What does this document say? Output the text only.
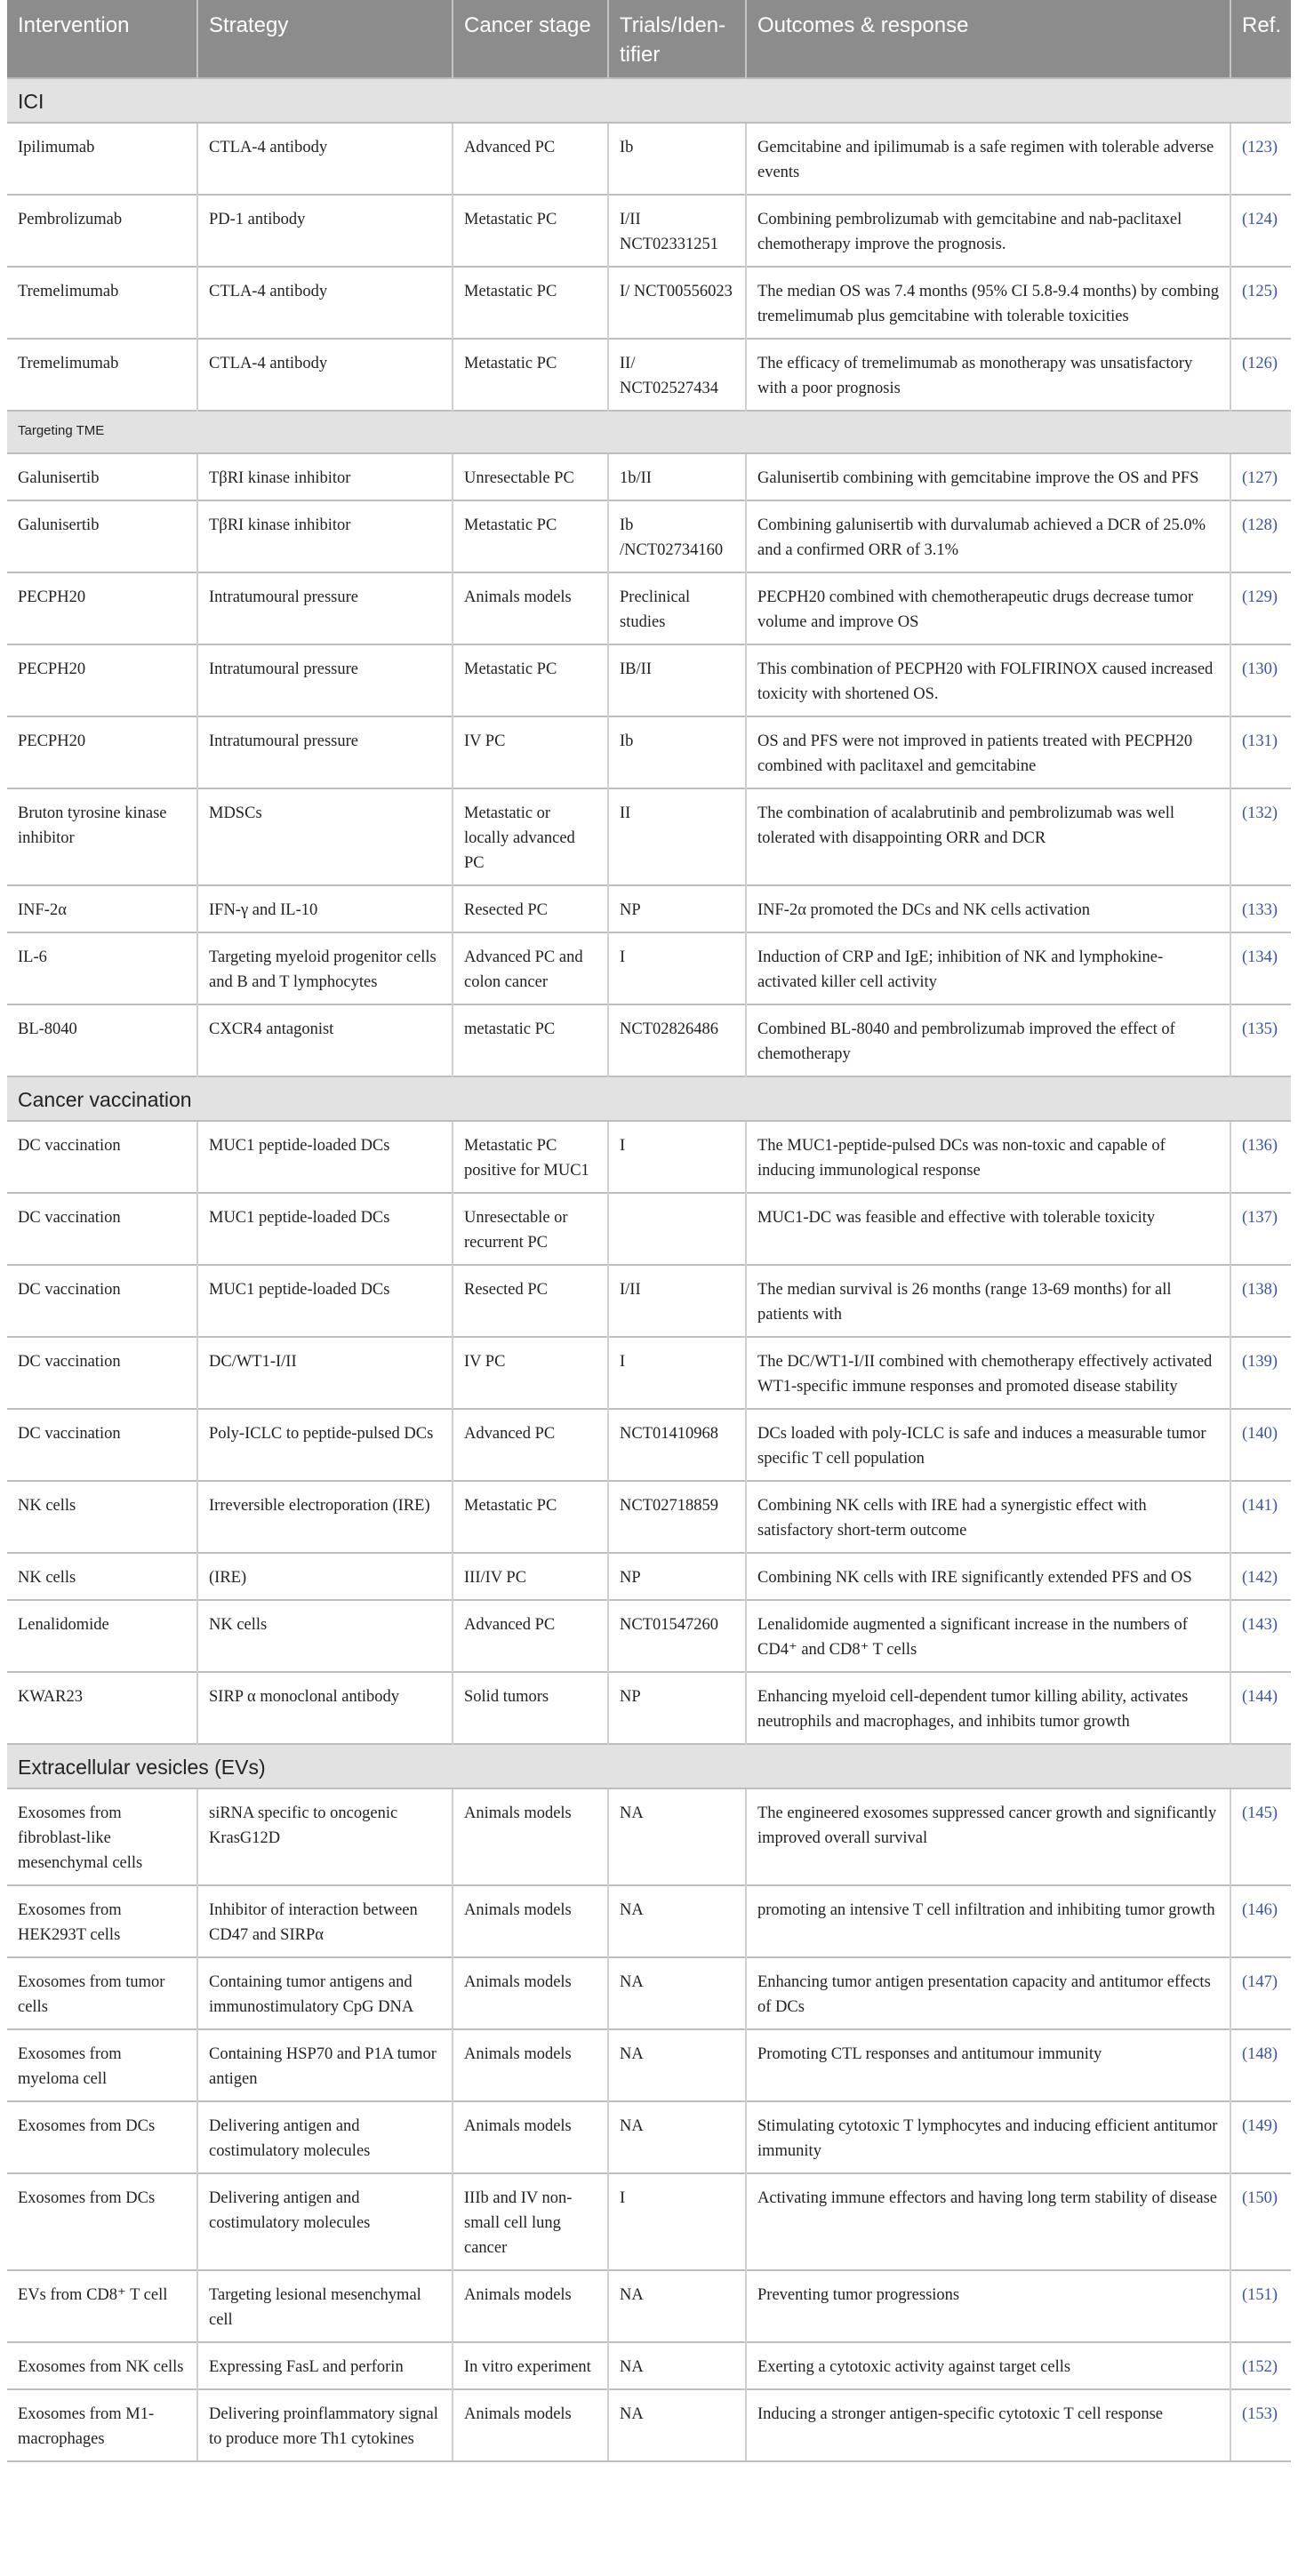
Intervention	Strategy	Cancer stage	Trials/Iden-tifier	Outcomes & response	Ref.
ICI					
Ipilimumab	CTLA-4 antibody	Advanced PC	Ib	Gemcitabine and ipilimumab is a safe regimen with tolerable adverse events	(123)
Pembrolizumab	PD-1 antibody	Metastatic PC	I/II NCT02331251	Combining pembrolizumab with gemcitabine and nab-paclitaxel chemotherapy improve the prognosis.	(124)
Tremelimumab	CTLA-4 antibody	Metastatic PC	I/ NCT00556023	The median OS was 7.4 months (95% CI 5.8-9.4 months) by combing tremelimumab plus gemcitabine with tolerable toxicities	(125)
Tremelimumab	CTLA-4 antibody	Metastatic PC	II/ NCT02527434	The efficacy of tremelimumab as monotherapy was unsatisfactory with a poor prognosis	(126)
Targeting TME					
Galunisertib	TβRI kinase inhibitor	Unresectable PC	1b/II	Galunisertib combining with gemcitabine improve the OS and PFS	(127)
Galunisertib	TβRI kinase inhibitor	Metastatic PC	Ib /NCT02734160	Combining galunisertib with durvalumab achieved a DCR of 25.0% and a confirmed ORR of 3.1%	(128)
PECPH20	Intratumoural pressure	Animals models	Preclinical studies	PECPH20 combined with chemotherapeutic drugs decrease tumor volume and improve OS	(129)
PECPH20	Intratumoural pressure	Metastatic PC	IB/II	This combination of PECPH20 with FOLFIRINOX caused increased toxicity with shortened OS.	(130)
PECPH20	Intratumoural pressure	IV PC	Ib	OS and PFS were not improved in patients treated with PECPH20 combined with paclitaxel and gemcitabine	(131)
Bruton tyrosine kinase inhibitor	MDSCs	Metastatic or locally advanced PC	II	The combination of acalabrutinib and pembrolizumab was well tolerated with disappointing ORR and DCR	(132)
INF-2α	IFN-γ and IL-10	Resected PC	NP	INF-2α promoted the DCs and NK cells activation	(133)
IL-6	Targeting myeloid progenitor cells and B and T lymphocytes	Advanced PC and colon cancer	I	Induction of CRP and IgE; inhibition of NK and lymphokine-activated killer cell activity	(134)
BL-8040	CXCR4 antagonist	metastatic PC	NCT02826486	Combined BL-8040 and pembrolizumab improved the effect of chemotherapy	(135)
Cancer vaccination					
DC vaccination	MUC1 peptide-loaded DCs	Metastatic PC positive for MUC1	I	The MUC1-peptide-pulsed DCs was non-toxic and capable of inducing immunological response	(136)
DC vaccination	MUC1 peptide-loaded DCs	Unresectable or recurrent PC		MUC1-DC was feasible and effective with tolerable toxicity	(137)
DC vaccination	MUC1 peptide-loaded DCs	Resected PC	I/II	The median survival is 26 months (range 13-69 months) for all patients with	(138)
DC vaccination	DC/WT1-I/II	IV PC	I	The DC/WT1-I/II combined with chemotherapy effectively activated WT1-specific immune responses and promoted disease stability	(139)
DC vaccination	Poly-ICLC to peptide-pulsed DCs	Advanced PC	NCT01410968	DCs loaded with poly-ICLC is safe and induces a measurable tumor specific T cell population	(140)
NK cells	Irreversible electroporation (IRE)	Metastatic PC	NCT02718859	Combining NK cells with IRE had a synergistic effect with satisfactory short-term outcome	(141)
NK cells	(IRE)	III/IV PC	NP	Combining NK cells with IRE significantly extended PFS and OS	(142)
Lenalidomide	NK cells	Advanced PC	NCT01547260	Lenalidomide augmented a significant increase in the numbers of CD4⁺ and CD8⁺ T cells	(143)
KWAR23	SIRP α monoclonal antibody	Solid tumors	NP	Enhancing myeloid cell-dependent tumor killing ability, activates neutrophils and macrophages, and inhibits tumor growth	(144)
Extracellular vesicles (EVs)					
Exosomes from fibroblast-like mesenchymal cells	siRNA specific to oncogenic KrasG12D	Animals models	NA	The engineered exosomes suppressed cancer growth and significantly improved overall survival	(145)
Exosomes from HEK293T cells	Inhibitor of interaction between CD47 and SIRPα	Animals models	NA	promoting an intensive T cell infiltration and inhibiting tumor growth	(146)
Exosomes from tumor cells	Containing tumor antigens and immunostimulatory CpG DNA	Animals models	NA	Enhancing tumor antigen presentation capacity and antitumor effects of DCs	(147)
Exosomes from myeloma cell	Containing HSP70 and P1A tumor antigen	Animals models	NA	Promoting CTL responses and antitumour immunity	(148)
Exosomes from DCs	Delivering antigen and costimulatory molecules	Animals models	NA	Stimulating cytotoxic T lymphocytes and inducing efficient antitumor immunity	(149)
Exosomes from DCs	Delivering antigen and costimulatory molecules	IIIb and IV non-small cell lung cancer	I	Activating immune effectors and having long term stability of disease	(150)
EVs from CD8⁺ T cell	Targeting lesional mesenchymal cell	Animals models	NA	Preventing tumor progressions	(151)
Exosomes from NK cells	Expressing FasL and perforin	In vitro experiment	NA	Exerting a cytotoxic activity against target cells	(152)
Exosomes from M1-macrophages	Delivering proinflammatory signal to produce more Th1 cytokines	Animals models	NA	Inducing a stronger antigen-specific cytotoxic T cell response	(153)
